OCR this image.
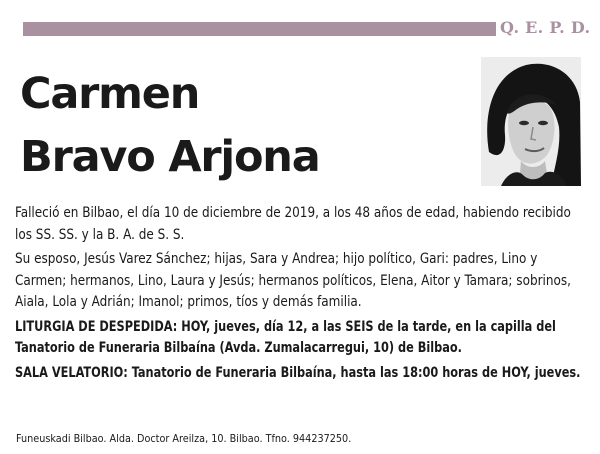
Q. E. P. D.
Carmen
Bravo Arjona

Falleció en Bilbao, el día 10 de diciembre de 2019, a los 48 años de edad, habiendo recibido los SS. SS. y la B. A. de S. S.

Su esposo, Jesús Varez Sánchez; hijas, Sara y Andrea; hijo político, Gari: padres, Lino y Carmen; hermanos, Lino, Laura y Jesús; hermanos políticos, Elena, Aitor y Tamara; sobrinos, Aiala, Lola y Adrián; Imanol; primos, tíos y demás familia.

LITURGIA DE DESPEDIDA: HOY, jueves, día 12, a las SEIS de la tarde, en la capilla del Tanatorio de Funeraria Bilbaína (Avda. Zumalacarregui, 10) de Bilbao.

SALA VELATORIO: Tanatorio de Funeraria Bilbaína, hasta las 18:00 horas de HOY, jueves.

Funeuskadi Bilbao. Alda. Doctor Areilza, 10. Bilbao. Tfno. 944237250.
